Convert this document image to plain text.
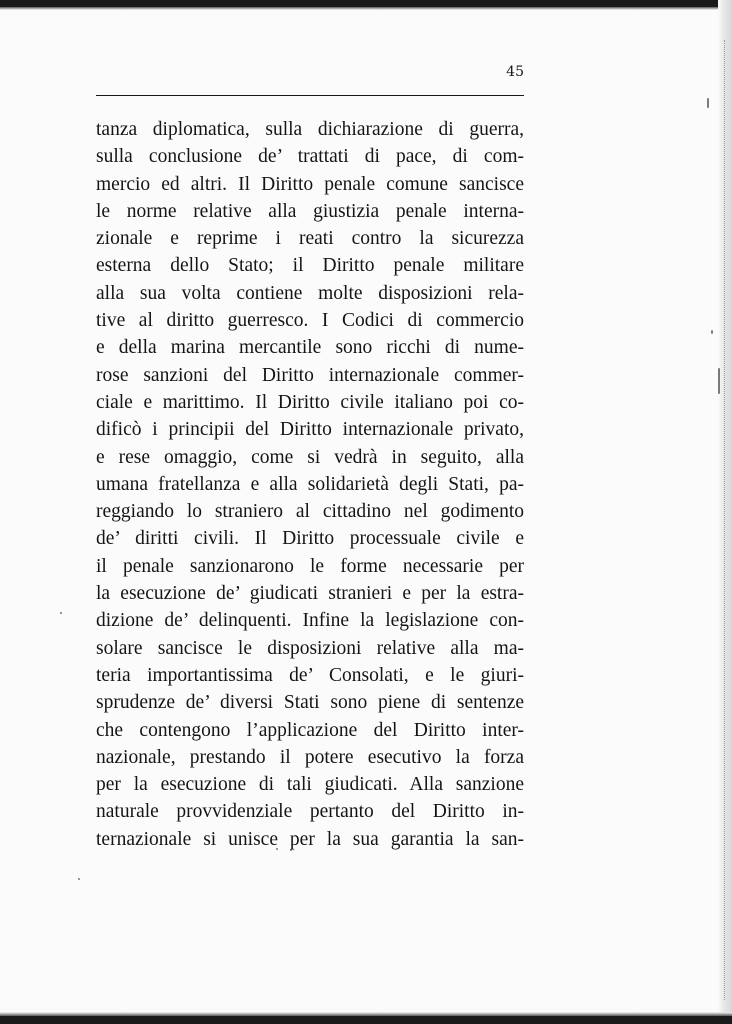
45
tanza diplomatica, sulla dichiarazione di guerra,
sulla conclusione de’ trattati di pace, di com-
mercio ed altri. Il Diritto penale comune sancisce
le norme relative alla giustizia penale interna-
zionale e reprime i reati contro la sicurezza
esterna dello Stato; il Diritto penale militare
alla sua volta contiene molte disposizioni rela-
tive al diritto guerresco. I Codici di commercio
e della marina mercantile sono ricchi di nume-
rose sanzioni del Diritto internazionale commer-
ciale e marittimo. Il Diritto civile italiano poi co-
dificò i principii del Diritto internazionale privato,
e rese omaggio, come si vedrà in seguito, alla
umana fratellanza e alla solidarietà degli Stati, pa-
reggiando lo straniero al cittadino nel godimento
de’ diritti civili. Il Diritto processuale civile e
il penale sanzionarono le forme necessarie per
la esecuzione de’ giudicati stranieri e per la estra-
dizione de’ delinquenti. Infine la legislazione con-
solare sancisce le disposizioni relative alla ma-
teria importantissima de’ Consolati, e le giuri-
sprudenze de’ diversi Stati sono piene di sentenze
che contengono l’applicazione del Diritto inter-
nazionale, prestando il potere esecutivo la forza
per la esecuzione di tali giudicati. Alla sanzione
naturale provvidenziale pertanto del Diritto in-
ternazionale si unisce per la sua garantia la san-
